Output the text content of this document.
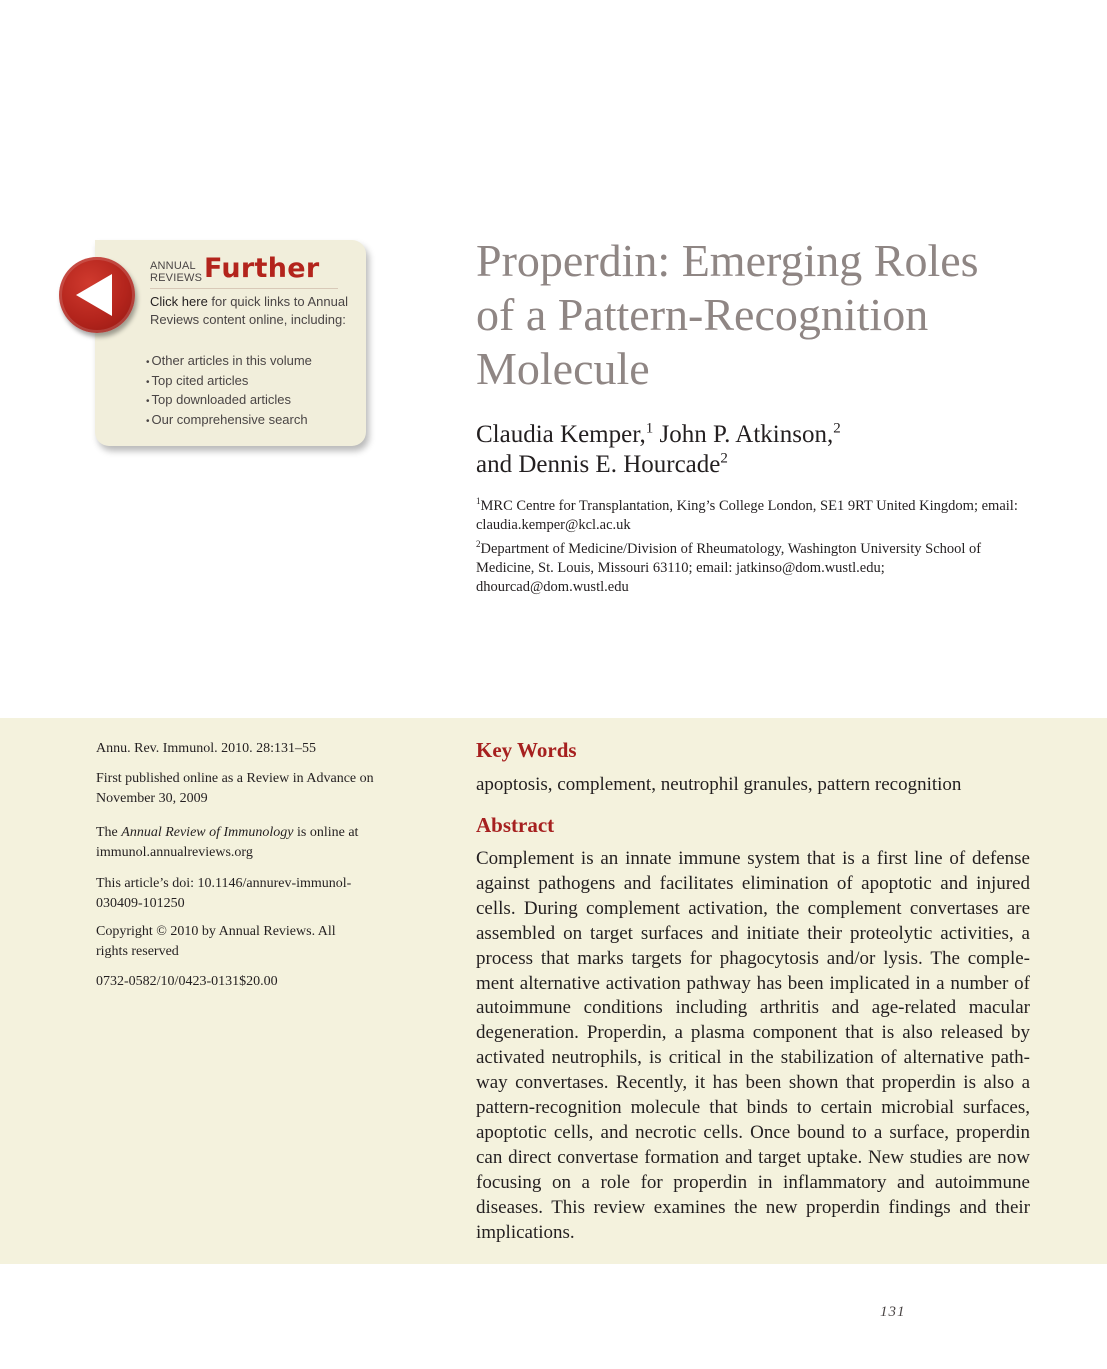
ANNUAL
REVIEWS Further
Click here for quick links to Annual Reviews content online, including:
• Other articles in this volume
• Top cited articles
• Top downloaded articles
• Our comprehensive search
Properdin: Emerging Roles
of a Pattern-Recognition
Molecule
Claudia Kemper,$^1$ John P. Atkinson,$^2$
and Dennis E. Hourcade$^2$
$^1$MRC Centre for Transplantation, King’s College London, SE1 9RT United Kingdom; email: claudia.kemper@kcl.ac.uk
$^2$Department of Medicine/Division of Rheumatology, Washington University School of Medicine, St. Louis, Missouri 63110; email: jatkinso@dom.wustl.edu; dhourcad@dom.wustl.edu
Annu. Rev. Immunol. 2010. 28:131–55
First published online as a Review in Advance on November 30, 2009
The Annual Review of Immunology is online at immunol.annualreviews.org
This article’s doi: 10.1146/annurev-immunol-030409-101250
Copyright © 2010 by Annual Reviews. All rights reserved
0732-0582/10/0423-0131$20.00
Key Words
apoptosis, complement, neutrophil granules, pattern recognition
Abstract

Complement is an innate immune system that is a first line of defense against pathogens and facilitates elimination of apoptotic and injured cells. During complement activation, the complement convertases are assembled on target surfaces and initiate their proteolytic activities, a process that marks targets for phagocytosis and/or lysis. The complement alternative activation pathway has been implicated in a number of autoimmune conditions including arthritis and age-related macular degeneration. Properdin, a plasma component that is also released by activated neutrophils, is critical in the stabilization of alternative pathway convertases. Recently, it has been shown that properdin is also a pattern-recognition molecule that binds to certain microbial surfaces, apoptotic cells, and necrotic cells. Once bound to a surface, properdin can direct convertase formation and target uptake. New studies are now focusing on a role for properdin in inflammatory and autoimmune diseases. This review examines the new properdin findings and their implications.

131
